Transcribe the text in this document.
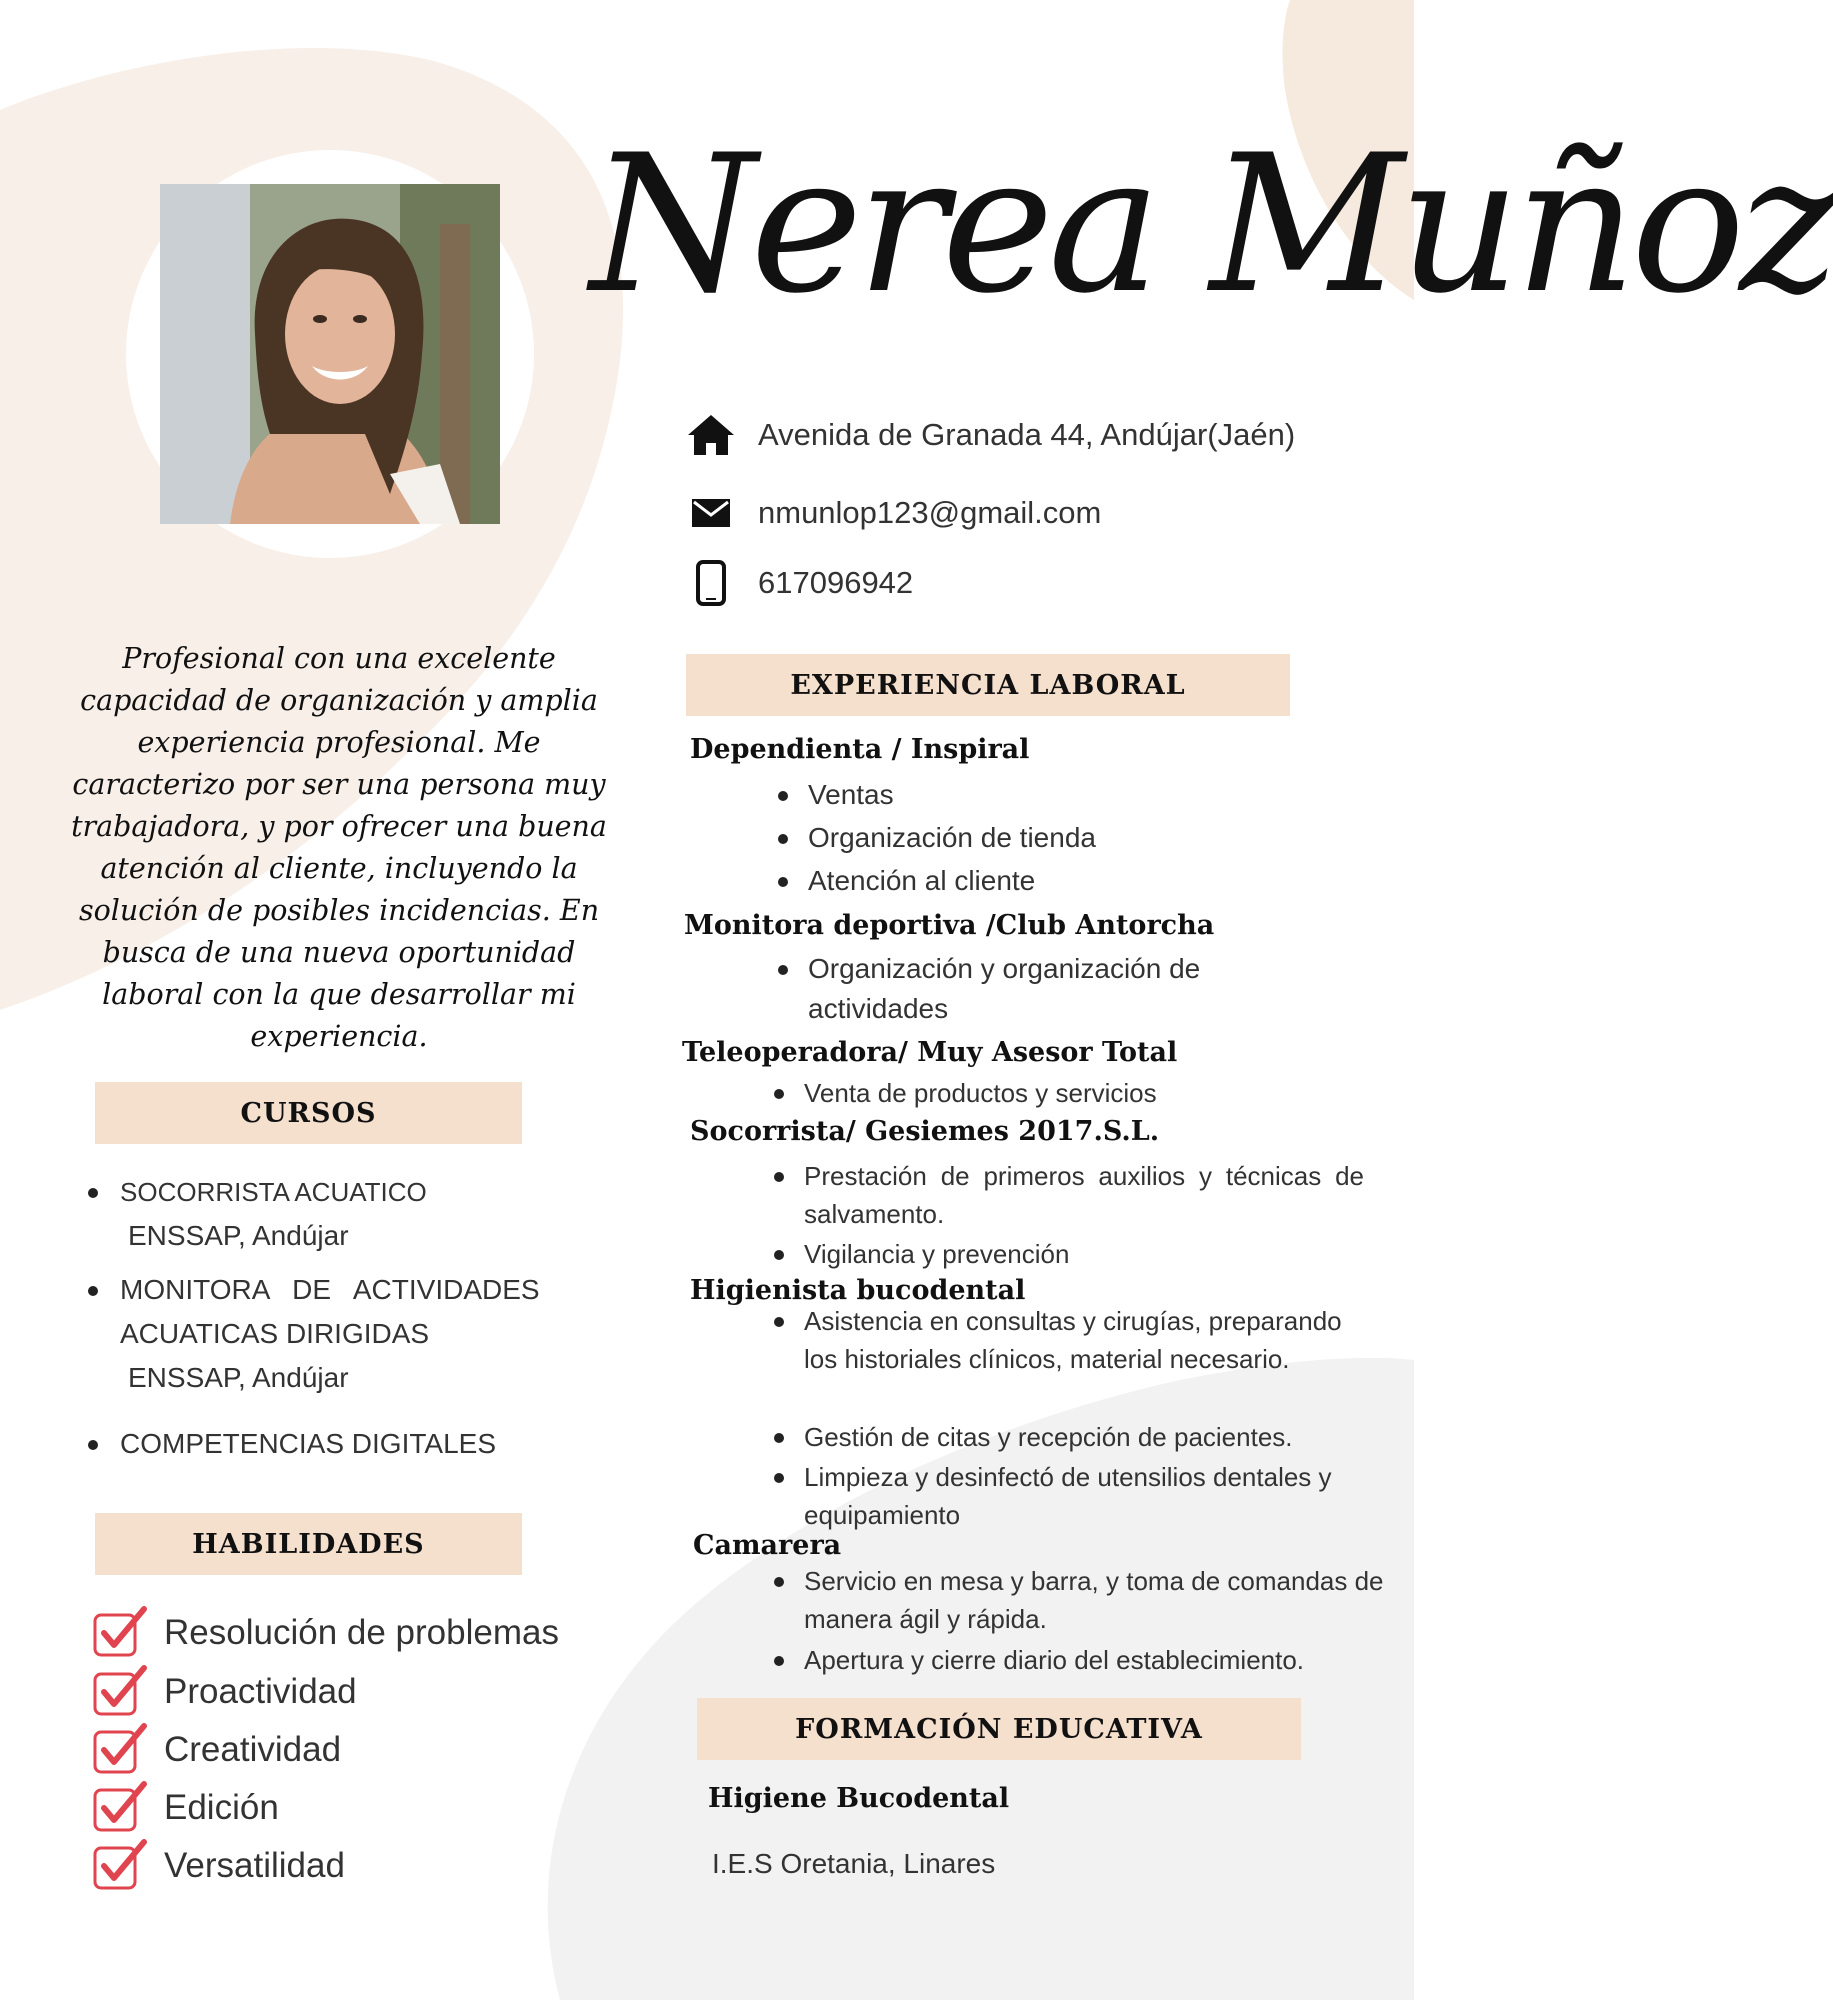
Nerea Muñoz
Avenida de Granada 44, Andújar(Jaén)
nmunlop123@gmail.com
617096942
Profesional con una excelente capacidad de organización y amplia experiencia profesional. Me caracterizo por ser una persona muy trabajadora, y por ofrecer una buena atención al cliente, incluyendo la solución de posibles incidencias. En busca de una nueva oportunidad laboral con la que desarrollar mi experiencia.
CURSOS
SOCORRISTA ACUATICO
ENSSAP, Andújar
MONITORA   DE   ACTIVIDADES
ACUATICAS DIRIGIDAS
ENSSAP, Andújar
COMPETENCIAS DIGITALES
HABILIDADES
Resolución de problemas
Proactividad
Creatividad
Edición
Versatilidad
EXPERIENCIA LABORAL
Dependienta / Inspiral
Ventas
Organización de tienda
Atención al cliente
Monitora deportiva /Club Antorcha
Organización y organización de actividades
Teleoperadora/ Muy Asesor Total
Venta de productos y servicios
Socorrista/ Gesiemes 2017.S.L.
Prestación de primeros auxilios y técnicas de salvamento.
Vigilancia y prevención
Higienista bucodental
Asistencia en consultas y cirugías, preparando los historiales clínicos, material necesario.
Gestión de citas y recepción de pacientes.
Limpieza y desinfectó de utensilios dentales y equipamiento
Camarera
Servicio en mesa y barra, y toma de comandas de manera ágil y rápida.
Apertura y cierre diario del establecimiento.
FORMACIÓN EDUCATIVA
Higiene Bucodental
I.E.S Oretania, Linares
